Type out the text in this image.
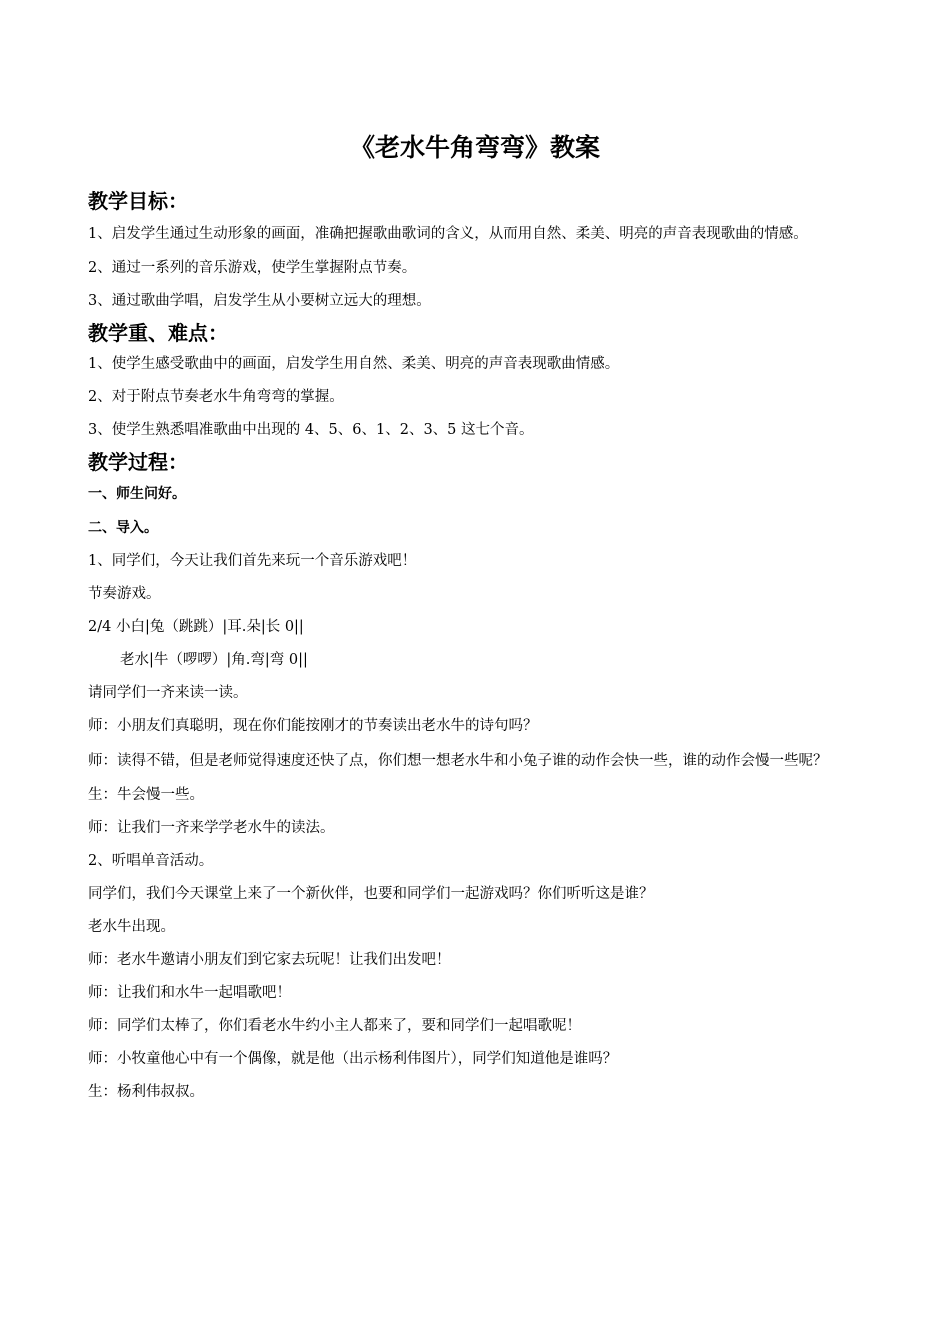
《老水牛角弯弯》教案
教学目标：
1、启发学生通过生动形象的画面，准确把握歌曲歌词的含义，从而用自然、柔美、明亮的声音表现歌曲的情感。
2、通过一系列的音乐游戏，使学生掌握附点节奏。
3、通过歌曲学唱，启发学生从小要树立远大的理想。
教学重、难点：
1、使学生感受歌曲中的画面，启发学生用自然、柔美、明亮的声音表现歌曲情感。
2、对于附点节奏老水牛角弯弯的掌握。
3、使学生熟悉唱准歌曲中出现的 4、5、6、1、2、3、5 这七个音。
教学过程：
一、师生问好。
二、导入。
1、同学们，今天让我们首先来玩一个音乐游戏吧！
节奏游戏。
2/4 小白|兔（跳跳）|耳.朵|长 0||
老水|牛（啰啰）|角.弯|弯 0||
请同学们一齐来读一读。
师：小朋友们真聪明，现在你们能按刚才的节奏读出老水牛的诗句吗？
师：读得不错，但是老师觉得速度还快了点，你们想一想老水牛和小兔子谁的动作会快一些，谁的动作会慢一些呢？
生：牛会慢一些。
师：让我们一齐来学学老水牛的读法。
2、听唱单音活动。
同学们，我们今天课堂上来了一个新伙伴，也要和同学们一起游戏吗？你们听听这是谁？
老水牛出现。
师：老水牛邀请小朋友们到它家去玩呢！让我们出发吧！
师：让我们和水牛一起唱歌吧！
师：同学们太棒了，你们看老水牛约小主人都来了，要和同学们一起唱歌呢！
师：小牧童他心中有一个偶像，就是他（出示杨利伟图片），同学们知道他是谁吗？
生：杨利伟叔叔。
